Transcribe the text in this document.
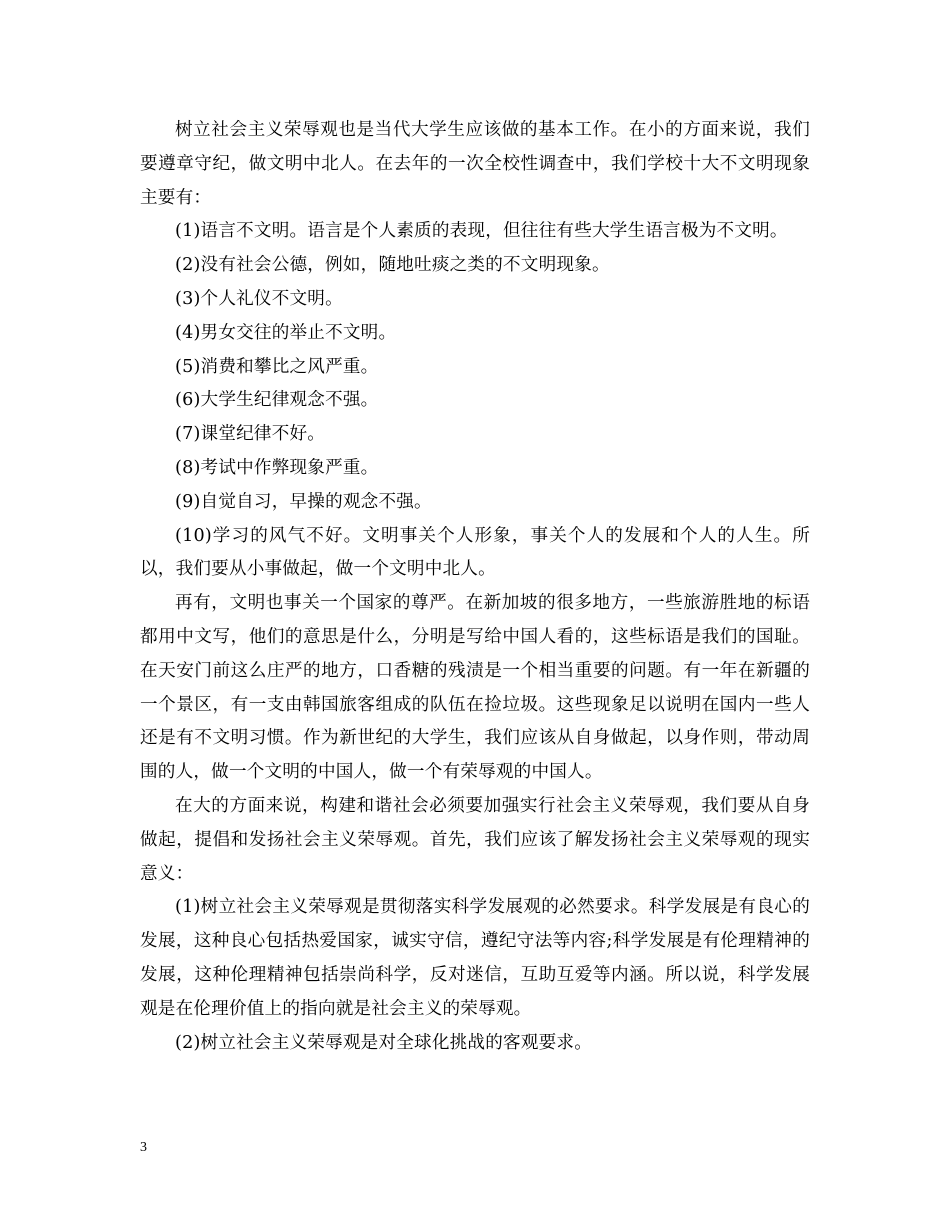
树立社会主义荣辱观也是当代大学生应该做的基本工作。在小的方面来说，我们要遵章守纪，做文明中北人。在去年的一次全校性调查中，我们学校十大不文明现象主要有：

(1)语言不文明。语言是个人素质的表现，但往往有些大学生语言极为不文明。

(2)没有社会公德，例如，随地吐痰之类的不文明现象。

(3)个人礼仪不文明。

(4)男女交往的举止不文明。

(5)消费和攀比之风严重。

(6)大学生纪律观念不强。

(7)课堂纪律不好。

(8)考试中作弊现象严重。

(9)自觉自习，早操的观念不强。

(10)学习的风气不好。文明事关个人形象，事关个人的发展和个人的人生。所以，我们要从小事做起，做一个文明中北人。

再有，文明也事关一个国家的尊严。在新加坡的很多地方，一些旅游胜地的标语都用中文写，他们的意思是什么，分明是写给中国人看的，这些标语是我们的国耻。在天安门前这么庄严的地方，口香糖的残渍是一个相当重要的问题。有一年在新疆的一个景区，有一支由韩国旅客组成的队伍在捡垃圾。这些现象足以说明在国内一些人还是有不文明习惯。作为新世纪的大学生，我们应该从自身做起，以身作则，带动周围的人，做一个文明的中国人，做一个有荣辱观的中国人。

在大的方面来说，构建和谐社会必须要加强实行社会主义荣辱观，我们要从自身做起，提倡和发扬社会主义荣辱观。首先，我们应该了解发扬社会主义荣辱观的现实意义：

(1)树立社会主义荣辱观是贯彻落实科学发展观的必然要求。科学发展是有良心的发展，这种良心包括热爱国家，诚实守信，遵纪守法等内容;科学发展是有伦理精神的发展，这种伦理精神包括崇尚科学，反对迷信，互助互爱等内涵。所以说，科学发展观是在伦理价值上的指向就是社会主义的荣辱观。

(2)树立社会主义荣辱观是对全球化挑战的客观要求。

3
